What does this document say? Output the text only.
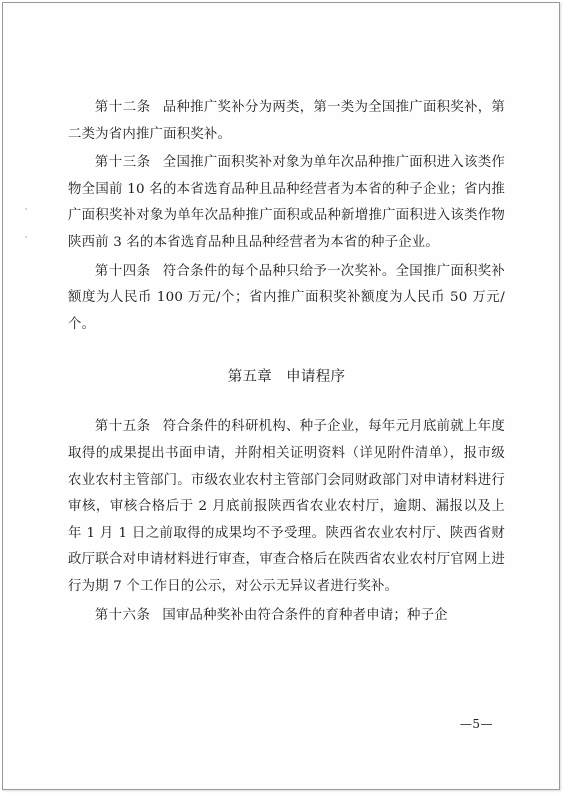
第十二条 品种推广奖补分为两类，第一类为全国推广面积奖补，第二类为省内推广面积奖补。

第十三条 全国推广面积奖补对象为单年次品种推广面积进入该类作物全国前 10 名的本省选育品种且品种经营者为本省的种子企业；省内推广面积奖补对象为单年次品种推广面积或品种新增推广面积进入该类作物陕西前 3 名的本省选育品种且品种经营者为本省的种子企业。

第十四条 符合条件的每个品种只给予一次奖补。全国推广面积奖补额度为人民币 100 万元/个；省内推广面积奖补额度为人民币 50 万元/个。

第五章 申请程序

第十五条 符合条件的科研机构、种子企业，每年元月底前就上年度取得的成果提出书面申请，并附相关证明资料（详见附件清单），报市级农业农村主管部门。市级农业农村主管部门会同财政部门对申请材料进行审核，审核合格后于 2 月底前报陕西省农业农村厅，逾期、漏报以及上年 1 月 1 日之前取得的成果均不予受理。陕西省农业农村厅、陕西省财政厅联合对申请材料进行审查，审查合格后在陕西省农业农村厅官网上进行为期 7 个工作日的公示，对公示无异议者进行奖补。

第十六条 国审品种奖补由符合条件的育种者申请；种子企

—5—
